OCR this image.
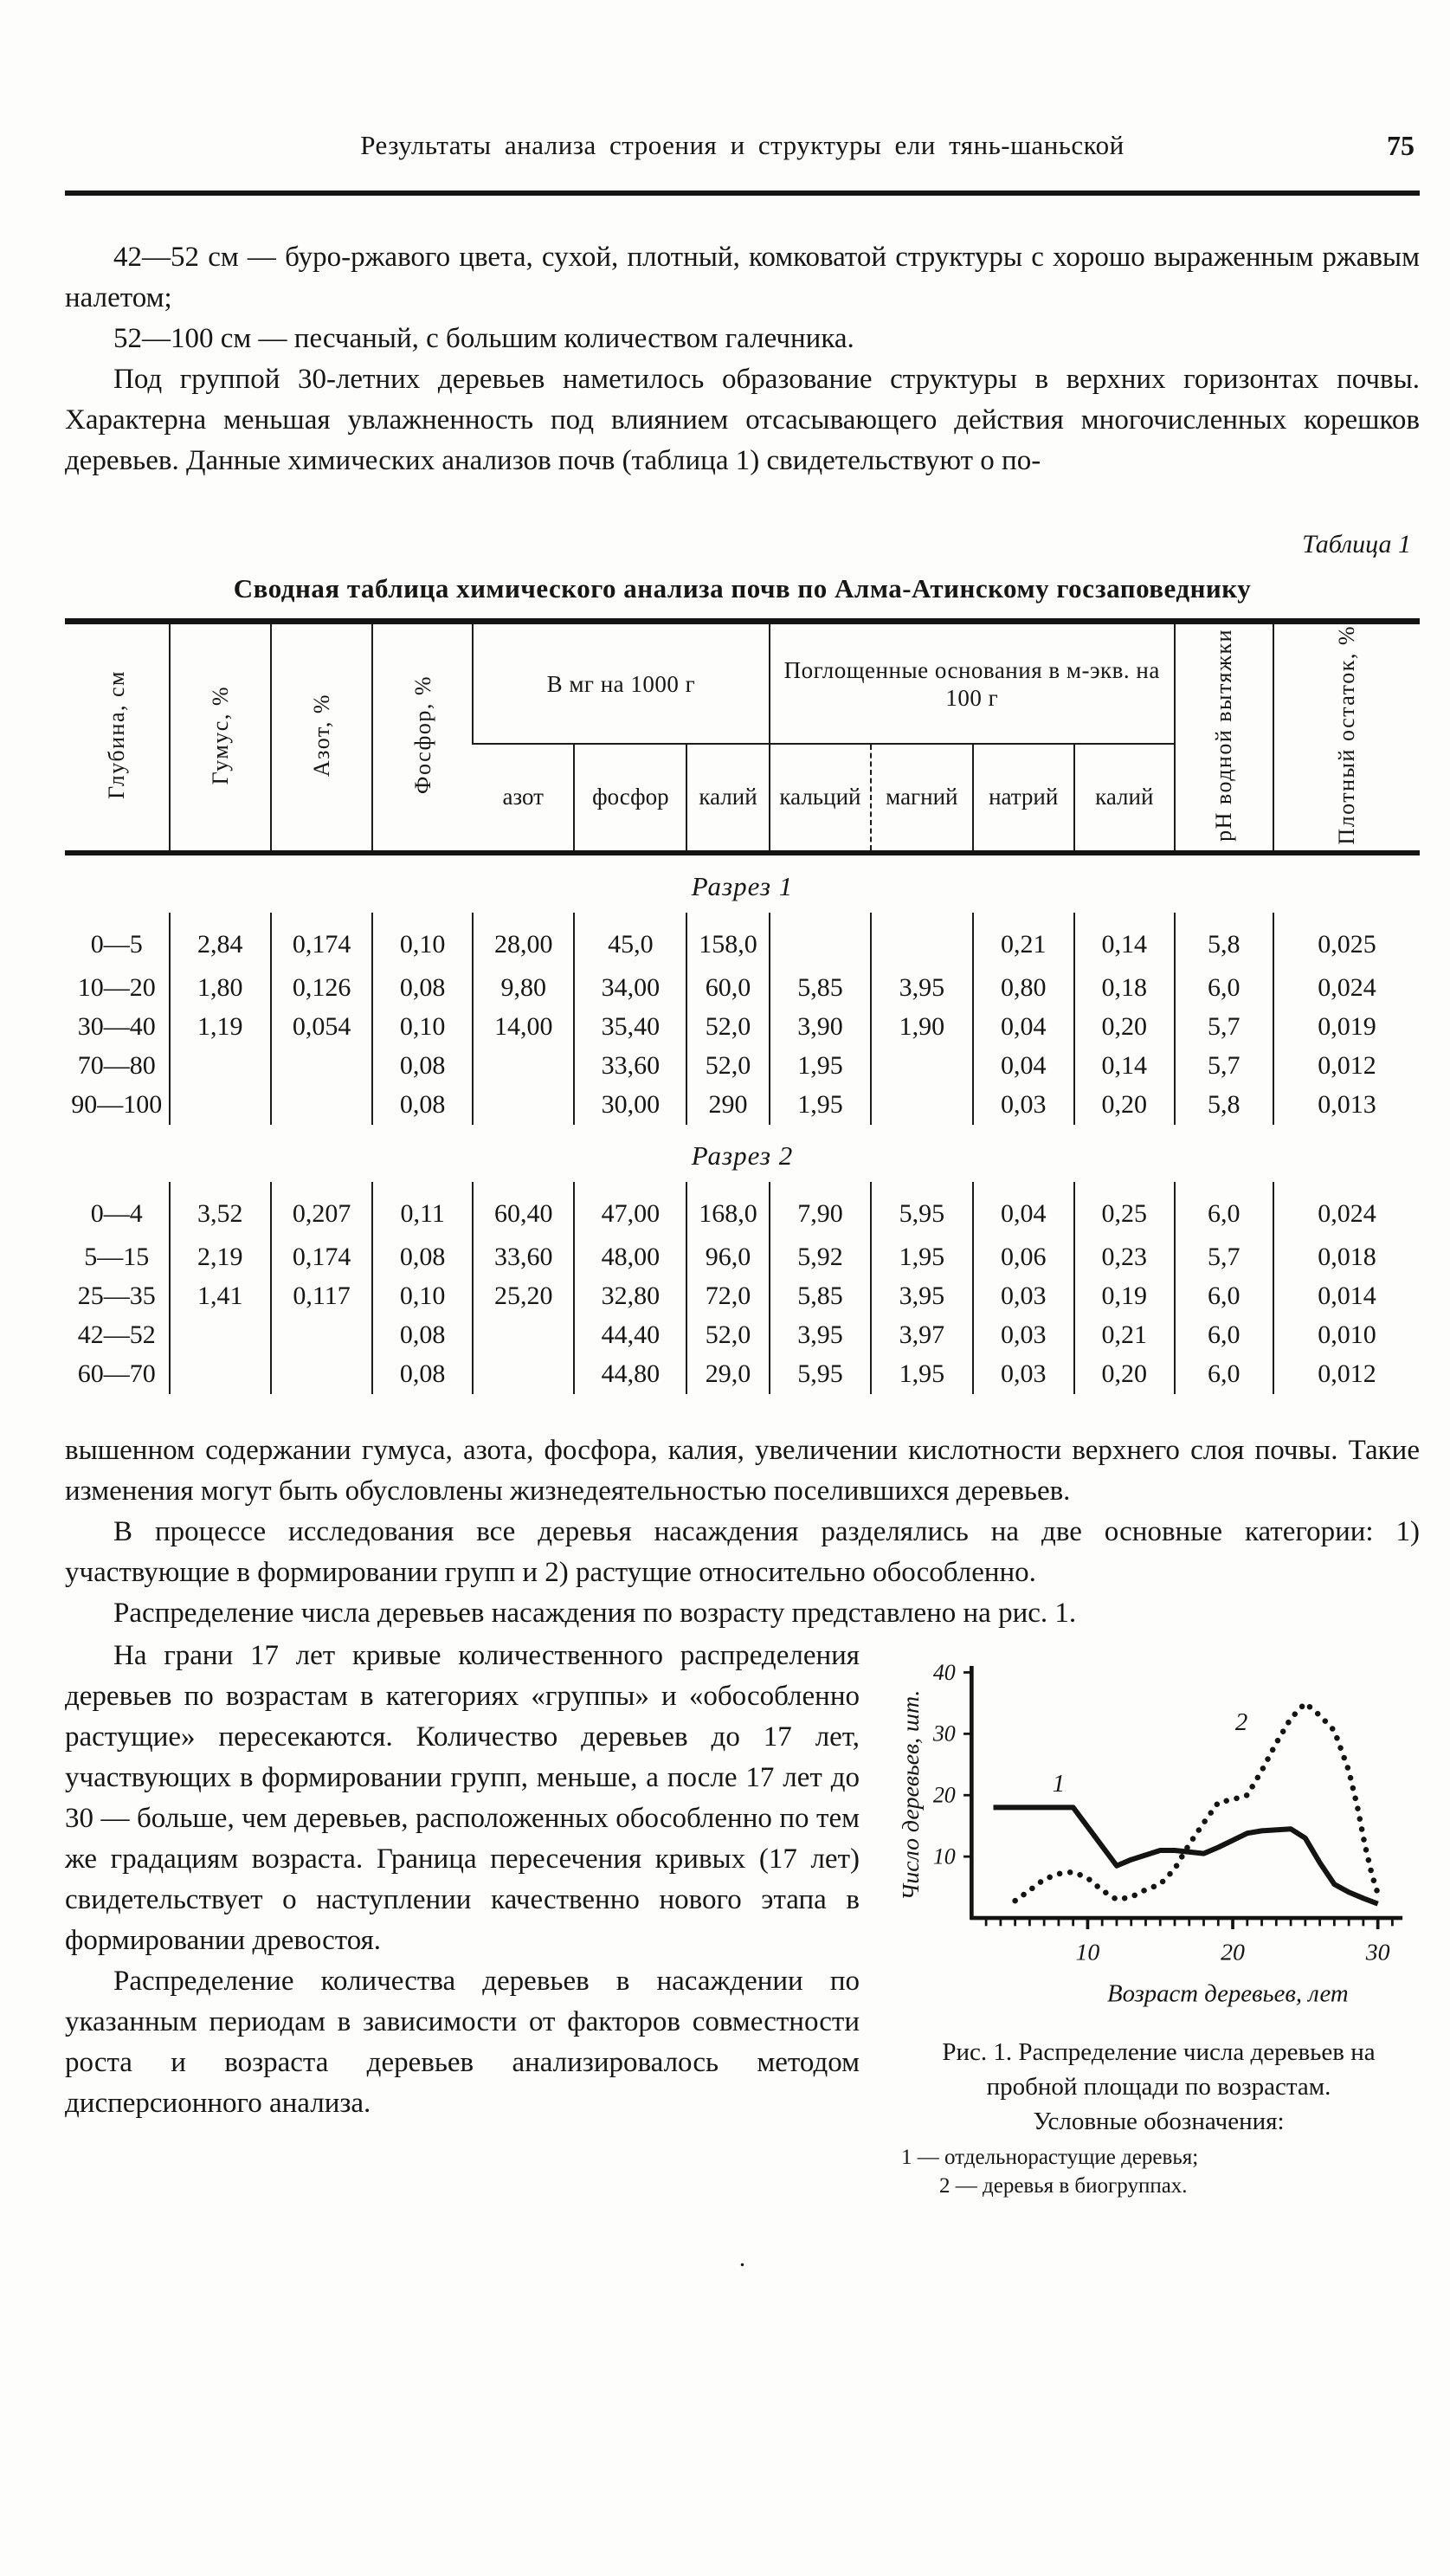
Результаты анализа строения и структуры ели тянь-шаньской	75

42—52 см — буро-ржавого цвета, сухой, плотный, комковатой структуры с хорошо выраженным ржавым налетом;

52—100 см — песчаный, с большим количеством галечника.

Под группой 30-летних деревьев наметилось образование структуры в верхних горизонтах почвы. Характерна меньшая увлажненность под влиянием отсасывающего действия многочисленных корешков деревьев. Данные химических анализов почв (таблица 1) свидетельствуют о по-

Таблица 1
Сводная таблица химического анализа почв по Алма-Атинскому госзаповеднику
Глубина, см	Гумус, %	Азот, %	Фосфор, %	В мг на 1000 г			Поглощенные основания в м-экв. на 100 г				pH водной вытяжки	Плотный остаток, %
				азот	фосфор	калий	кальций	магний	натрий	калий		
Разрез 1												
0—5	2,84	0,174	0,10	28,00	45,0	158,0			0,21	0,14	5,8	0,025
10—20	1,80	0,126	0,08	9,80	34,00	60,0	5,85	3,95	0,80	0,18	6,0	0,024
30—40	1,19	0,054	0,10	14,00	35,40	52,0	3,90	1,90	0,04	0,20	5,7	0,019
70—80			0,08		33,60	52,0	1,95		0,04	0,14	5,7	0,012
90—100			0,08		30,00	290	1,95		0,03	0,20	5,8	0,013
Разрез 2												
0—4	3,52	0,207	0,11	60,40	47,00	168,0	7,90	5,95	0,04	0,25	6,0	0,024
5—15	2,19	0,174	0,08	33,60	48,00	96,0	5,92	1,95	0,06	0,23	5,7	0,018
25—35	1,41	0,117	0,10	25,20	32,80	72,0	5,85	3,95	0,03	0,19	6,0	0,014
42—52			0,08		44,40	52,0	3,95	3,97	0,03	0,21	6,0	0,010
60—70			0,08		44,80	29,0	5,95	1,95	0,03	0,20	6,0	0,012

вышенном содержании гумуса, азота, фосфора, калия, увеличении кислотности верхнего слоя почвы. Такие изменения могут быть обусловлены жизнедеятельностью поселившихся деревьев.

В процессе исследования все деревья насаждения разделялись на две основные категории: 1) участвующие в формировании групп и 2) растущие относительно обособленно.

Распределение числа деревьев насаждения по возрасту представлено на рис. 1.

На грани 17 лет кривые количественного распределения деревьев по возрастам в категориях «группы» и «обособленно растущие» пересекаются. Количество деревьев до 17 лет, участвующих в формировании групп, меньше, а после 17 лет до 30 — больше, чем деревьев, расположенных обособленно по тем же градациям возраста. Граница пересечения кривых (17 лет) свидетельствует о наступлении качественно нового этапа в формировании древостоя.

Распределение количества деревьев в насаждении по указанным периодам в зависимости от факторов совместности роста и возраста деревьев анализировалось методом дисперсионного анализа.

10
20
30
40
10	20	30
Число деревьев, шт.
Возраст деревьев, лет
1
2
Рис. 1. Распределение числа деревьев на пробной площади по возрастам.
Условные обозначения:
1 — отдельнорастущие деревья;
2 — деревья в биогруппах.
.
